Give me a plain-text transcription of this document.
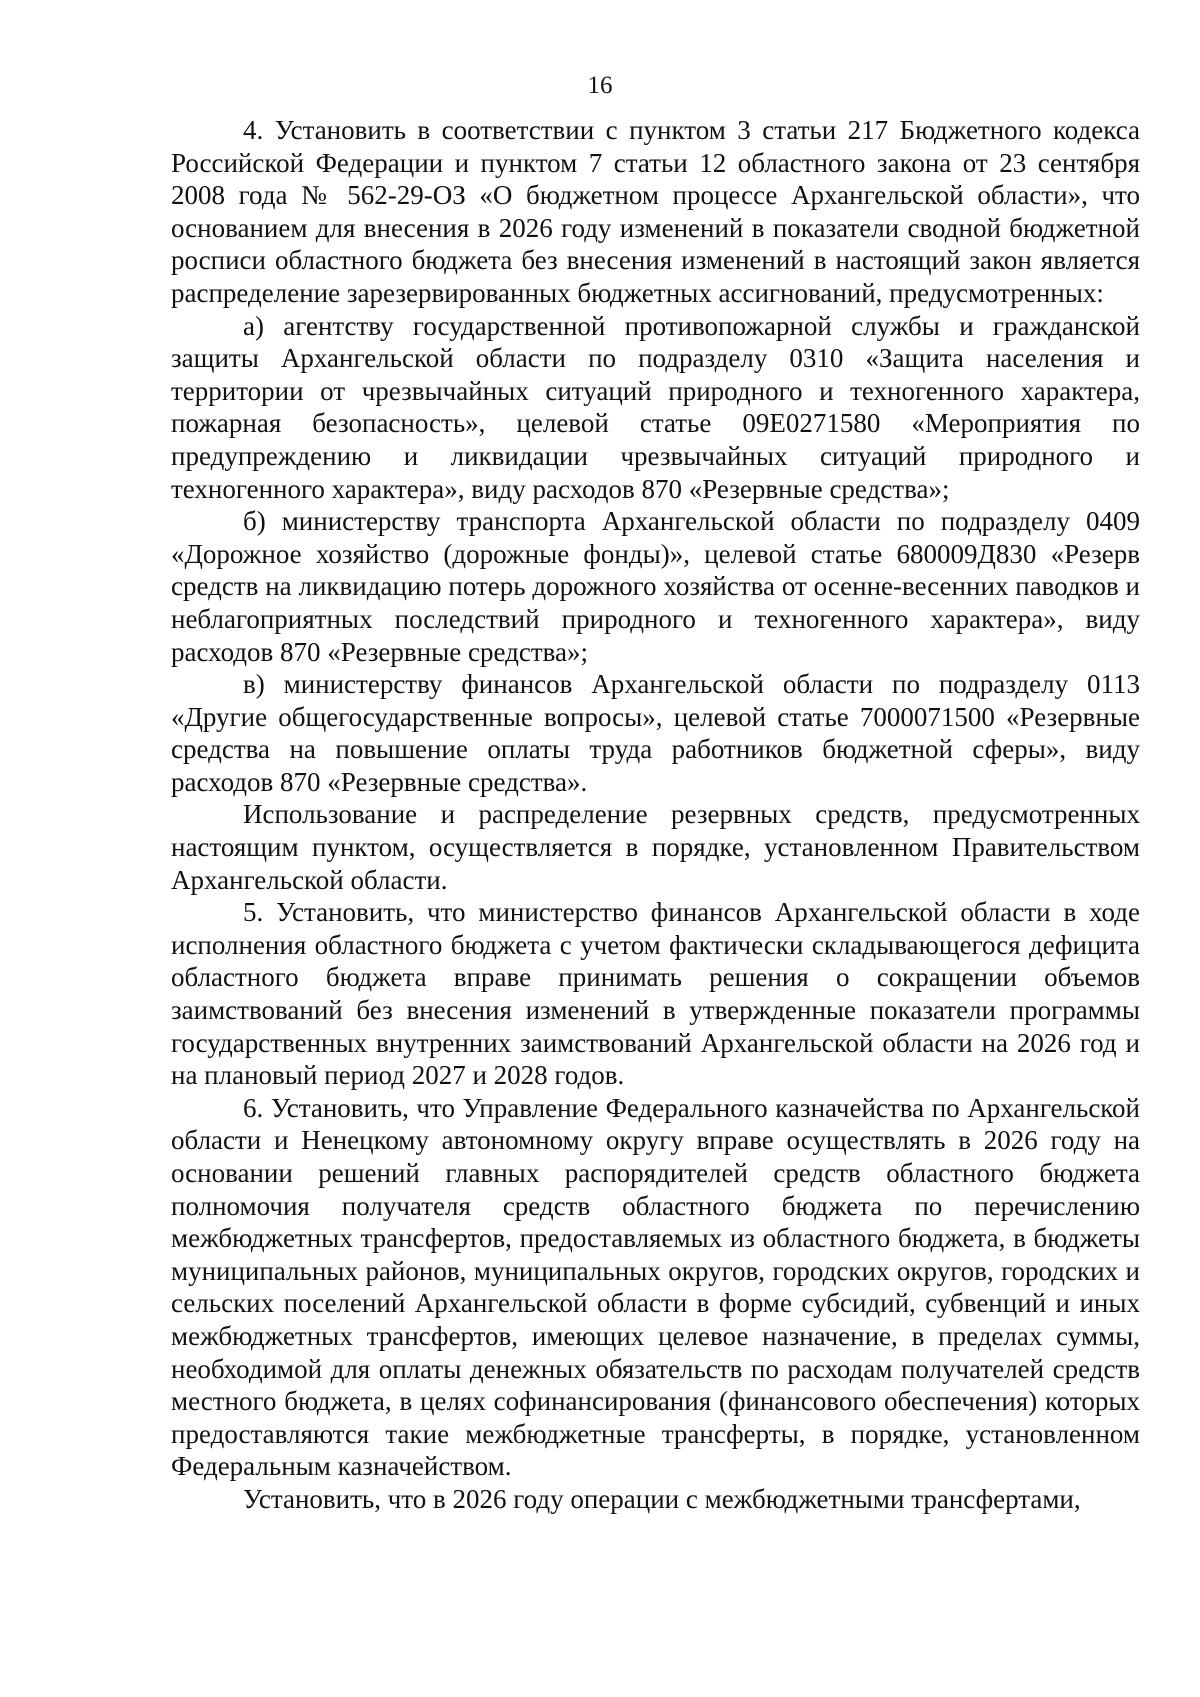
16

4. Установить в соответствии с пунктом 3 статьи 217 Бюджетного кодекса Российской Федерации и пунктом 7 статьи 12 областного закона от 23 сентября 2008 года № 562-29-ОЗ «О бюджетном процессе Архангельской области», что основанием для внесения в 2026 году изменений в показатели сводной бюджетной росписи областного бюджета без внесения изменений в настоящий закон является распределение зарезервированных бюджетных ассигнований, предусмотренных:

а) агентству государственной противопожарной службы и гражданской защиты Архангельской области по подразделу 0310 «Защита населения и территории от чрезвычайных ситуаций природного и техногенного характера, пожарная безопасность», целевой статье 09Е0271580 «Мероприятия по предупреждению и ликвидации чрезвычайных ситуаций природного и техногенного характера», виду расходов 870 «Резервные средства»;

б) министерству транспорта Архангельской области по подразделу 0409 «Дорожное хозяйство (дорожные фонды)», целевой статье 680009Д830 «Резерв средств на ликвидацию потерь дорожного хозяйства от осенне-весенних паводков и неблагоприятных последствий природного и техногенного характера», виду расходов 870 «Резервные средства»;

в) министерству финансов Архангельской области по подразделу 0113 «Другие общегосударственные вопросы», целевой статье 7000071500 «Резервные средства на повышение оплаты труда работников бюджетной сферы», виду расходов 870 «Резервные средства».

Использование и распределение резервных средств, предусмотренных настоящим пунктом, осуществляется в порядке, установленном Правительством Архангельской области.

5. Установить, что министерство финансов Архангельской области в ходе исполнения областного бюджета с учетом фактически складывающегося дефицита областного бюджета вправе принимать решения о сокращении объемов заимствований без внесения изменений в утвержденные показатели программы государственных внутренних заимствований Архангельской области на 2026 год и на плановый период 2027 и 2028 годов.

6. Установить, что Управление Федерального казначейства по Архангельской области и Ненецкому автономному округу вправе осуществлять в 2026 году на основании решений главных распорядителей средств областного бюджета полномочия получателя средств областного бюджета по перечислению межбюджетных трансфертов, предоставляемых из областного бюджета, в бюджеты муниципальных районов, муниципальных округов, городских округов, городских и сельских поселений Архангельской области в форме субсидий, субвенций и иных межбюджетных трансфертов, имеющих целевое назначение, в пределах суммы, необходимой для оплаты денежных обязательств по расходам получателей средств местного бюджета, в целях софинансирования (финансового обеспечения) которых предоставляются такие межбюджетные трансферты, в порядке, установленном Федеральным казначейством.

Установить, что в 2026 году операции с межбюджетными трансфертами,
